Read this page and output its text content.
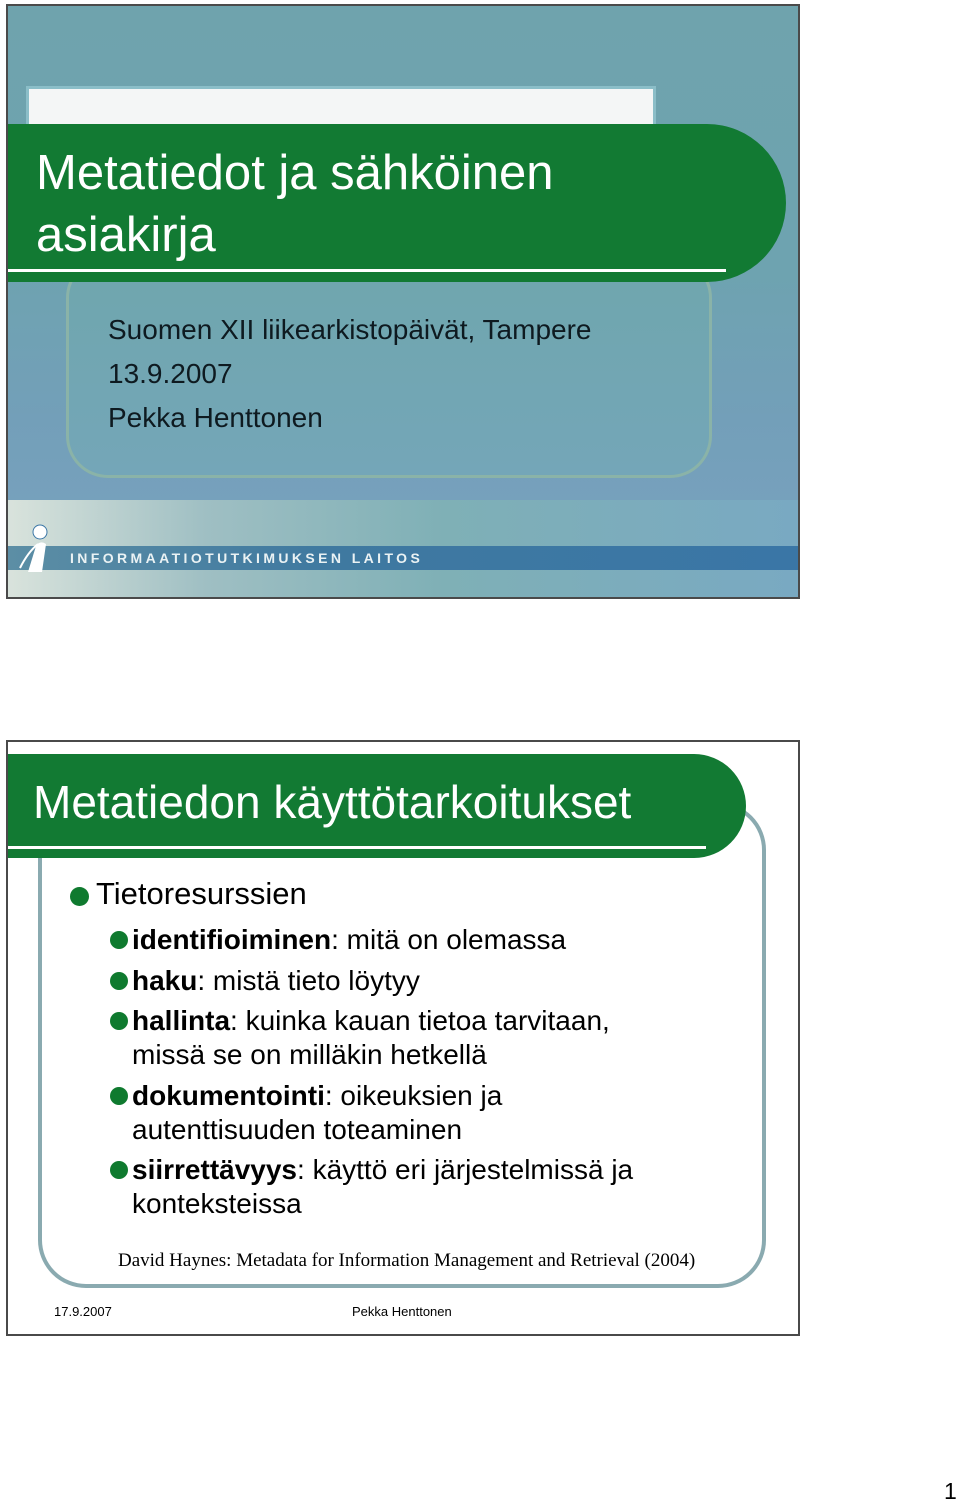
Metatiedot ja sähköinen
asiakirja
Suomen XII liikearkistopäivät, Tampere
13.9.2007
Pekka Henttonen
INFORMAATIOTUTKIMUKSEN LAITOS
Metatiedon käyttötarkoitukset
Tietoresurssien
identifioiminen: mitä on olemassa
haku: mistä tieto löytyy
hallinta: kuinka kauan tietoa tarvitaan,
missä se on milläkin hetkellä
dokumentointi: oikeuksien ja
autenttisuuden toteaminen
siirrettävyys: käyttö eri järjestelmissä ja
konteksteissa
David Haynes: Metadata for Information Management and Retrieval (2004)
17.9.2007	Pekka Henttonen
1
